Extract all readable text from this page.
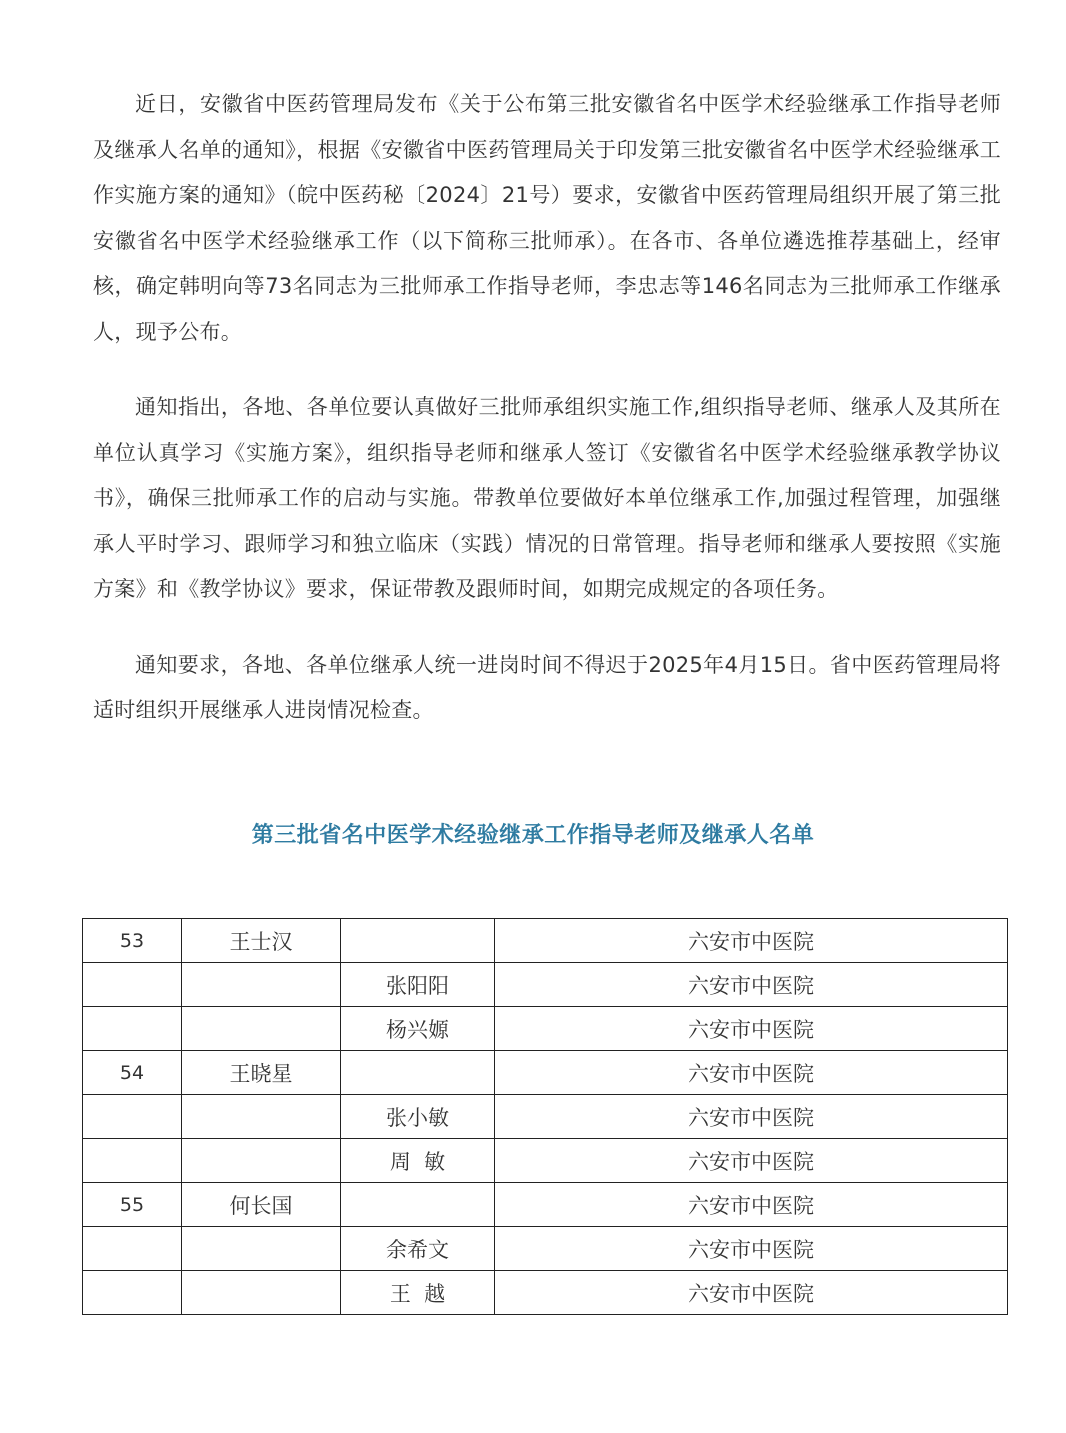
近日，安徽省中医药管理局发布《关于公布第三批安徽省名中医学术经验继承工作指导老师及继承人名单的通知》，根据《安徽省中医药管理局关于印发第三批安徽省名中医学术经验继承工作实施方案的通知》（皖中医药秘〔2024〕21号）要求，安徽省中医药管理局组织开展了第三批安徽省名中医学术经验继承工作（以下简称三批师承）。在各市、各单位遴选推荐基础上，经审核，确定韩明向等73名同志为三批师承工作指导老师，李忠志等146名同志为三批师承工作继承人，现予公布。

通知指出，各地、各单位要认真做好三批师承组织实施工作,组织指导老师、继承人及其所在单位认真学习《实施方案》，组织指导老师和继承人签订《安徽省名中医学术经验继承教学协议书》，确保三批师承工作的启动与实施。带教单位要做好本单位继承工作,加强过程管理，加强继承人平时学习、跟师学习和独立临床（实践）情况的日常管理。指导老师和继承人要按照《实施方案》和《教学协议》要求，保证带教及跟师时间，如期完成规定的各项任务。

通知要求，各地、各单位继承人统一进岗时间不得迟于2025年4月15日。省中医药管理局将适时组织开展继承人进岗情况检查。

第三批省名中医学术经验继承工作指导老师及继承人名单
53	王士汉		六安市中医院
		张阳阳	六安市中医院
		杨兴嫄	六安市中医院
54	王晓星		六安市中医院
		张小敏	六安市中医院
		周  敏	六安市中医院
55	何长国		六安市中医院
		余希文	六安市中医院
		王  越	六安市中医院
